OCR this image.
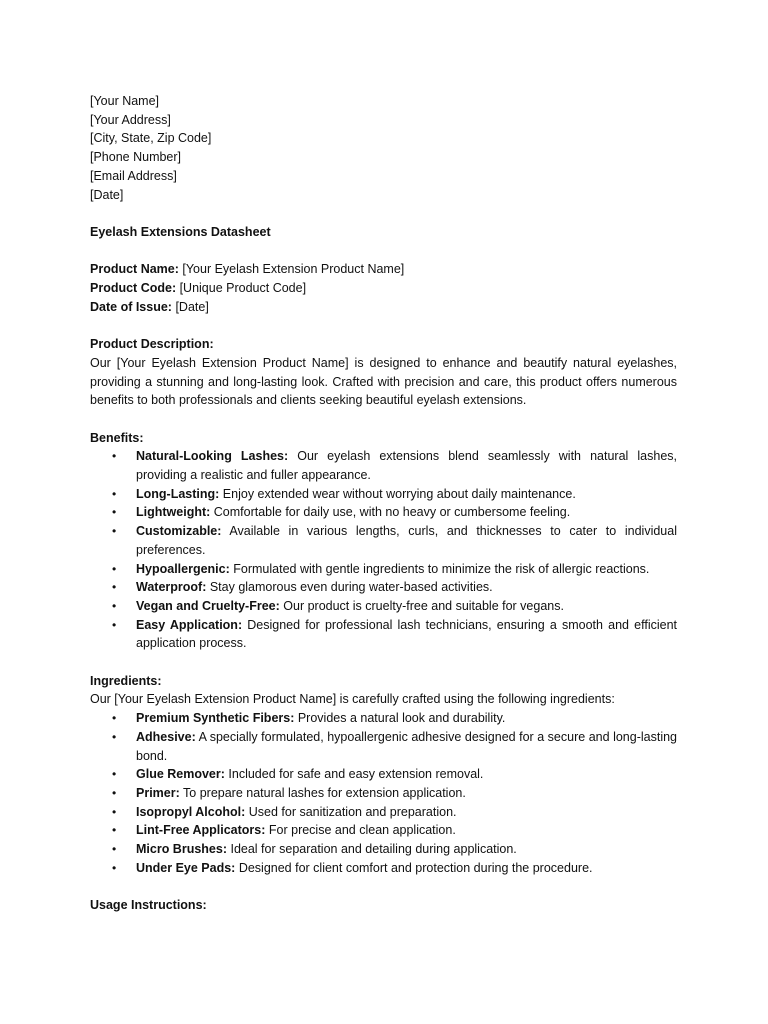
[Your Name]

[Your Address]

[City, State, Zip Code]

[Phone Number]

[Email Address]

[Date]

Eyelash Extensions Datasheet

Product Name: [Your Eyelash Extension Product Name]

Product Code: [Unique Product Code]

Date of Issue: [Date]

Product Description:

Our [Your Eyelash Extension Product Name] is designed to enhance and beautify natural eyelashes, providing a stunning and long-lasting look. Crafted with precision and care, this product offers numerous benefits to both professionals and clients seeking beautiful eyelash extensions.

Benefits:

• Natural-Looking Lashes: Our eyelash extensions blend seamlessly with natural lashes, providing a realistic and fuller appearance.
• Long-Lasting: Enjoy extended wear without worrying about daily maintenance.
• Lightweight: Comfortable for daily use, with no heavy or cumbersome feeling.
• Customizable: Available in various lengths, curls, and thicknesses to cater to individual preferences.
• Hypoallergenic: Formulated with gentle ingredients to minimize the risk of allergic reactions.
• Waterproof: Stay glamorous even during water-based activities.
• Vegan and Cruelty-Free: Our product is cruelty-free and suitable for vegans.
• Easy Application: Designed for professional lash technicians, ensuring a smooth and efficient application process.

Ingredients:

Our [Your Eyelash Extension Product Name] is carefully crafted using the following ingredients:

• Premium Synthetic Fibers: Provides a natural look and durability.
• Adhesive: A specially formulated, hypoallergenic adhesive designed for a secure and long-lasting bond.
• Glue Remover: Included for safe and easy extension removal.
• Primer: To prepare natural lashes for extension application.
• Isopropyl Alcohol: Used for sanitization and preparation.
• Lint-Free Applicators: For precise and clean application.
• Micro Brushes: Ideal for separation and detailing during application.
• Under Eye Pads: Designed for client comfort and protection during the procedure.

Usage Instructions:
